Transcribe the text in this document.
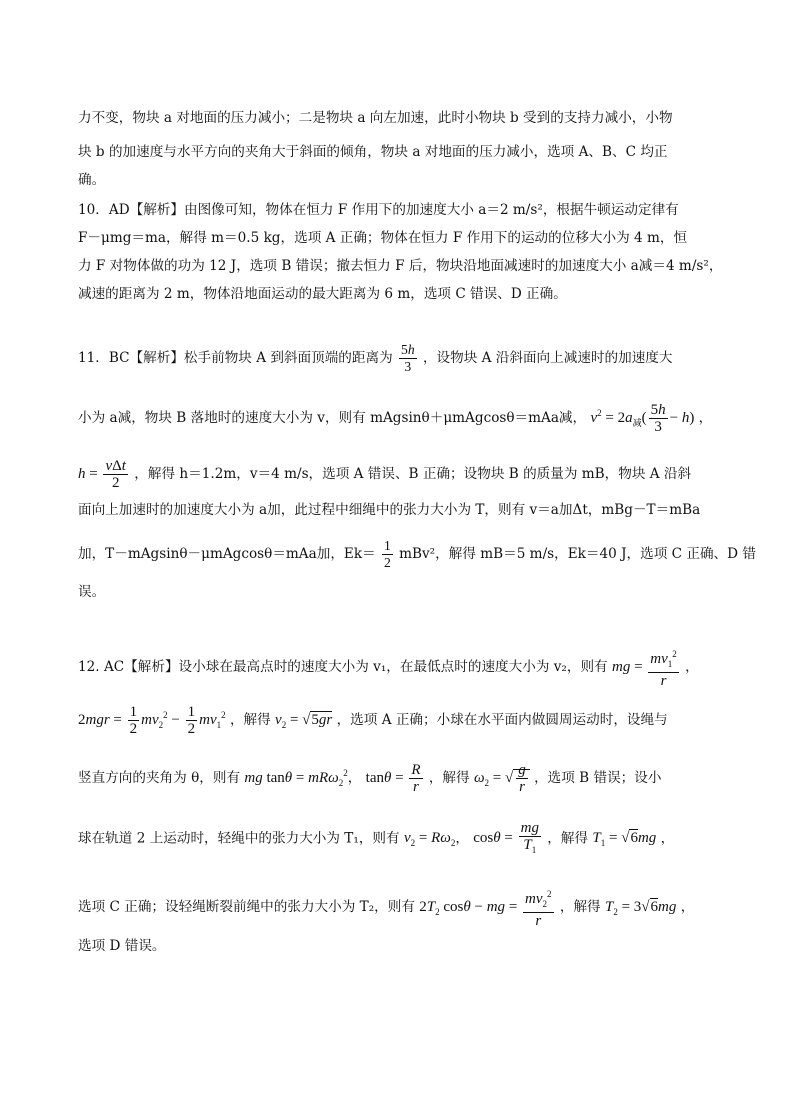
力不变，物块 a 对地面的压力减小；二是物块 a 向左加速，此时小物块 b 受到的支持力减小，小物
块 b 的加速度与水平方向的夹角大于斜面的倾角，物块 a 对地面的压力减小，选项 A、B、C 均正
确。
10．AD【解析】由图像可知，物体在恒力 F 作用下的加速度大小 a＝2 m/s²，根据牛顿运动定律有
F－μmg＝ma，解得 m＝0.5 kg，选项 A 正确；物体在恒力 F 作用下的运动的位移大小为 4 m，恒
力 F 对物体做的功为 12 J，选项 B 错误；撤去恒力 F 后，物块沿地面减速时的加速度大小 a减＝4 m/s²，
减速的距离为 2 m，物体沿地面运动的最大距离为 6 m，选项 C 错误、D 正确。
11．BC【解析】松手前物块 A 到斜面顶端的距离为 $\frac{5h}{3}$ ，设物块 A 沿斜面向上减速时的加速度大
小为 a减，物块 B 落地时的速度大小为 v，则有 mAgsinθ＋μmAgcosθ＝mAa减， $v^2 = 2a_减( \frac{5h}{3} - h)$ ，
$h = \frac{\text{vΔt}}{2}$ ，解得 h＝1.2m，v＝4 m/s，选项 A 错误、B 正确；设物块 B 的质量为 mB，物块 A 沿斜
面向上加速时的加速度大小为 a加，此过程中细绳中的张力大小为 T，则有 v＝a加Δt，mBg－T＝mBa
加，T－mAgsinθ－μmAgcosθ＝mAa加，$Ek= \frac{1}{2} mBv^2$，解得 mB＝5 m/s，Ek＝40 J，选项 C 正确、D 错
误。
12. AC【解析】设小球在最高点时的速度大小为 v₁，在最低点时的速度大小为 v₂，则有 mg = $\frac{mv_1^2}{r}$ ，
$2mgr = \frac{1}{2} mv_2^2 - \frac{1}{2} mv_1^2$ ，解得 $v_2 = √5gr$ ，选项 A 正确；小球在水平面内做圆周运动时，设绳与
竖直方向的夹角为 θ，则有 mg tanθ = mRω$_2^2$， $\tan\theta = \frac{R}{r}$ ，解得 $\omega_2$ = √ $\frac{g}{r}$ ，选项 B 错误；设小
球在轨道 2 上运动时，轻绳中的张力大小为 T₁，则有 $v_2 = R\omega_2$， $\cos\theta = \frac{mg}{T_1}$ ，解得 $T_1 = √6mg$ ，
选项 C 正确；设轻绳断裂前绳中的张力大小为 T₂，则有 $2T_2$ cosθ − mg = $\frac{mv_2^2}{r}$ ，解得 $T_2 = 3√6mg$ ，
选项 D 错误。
